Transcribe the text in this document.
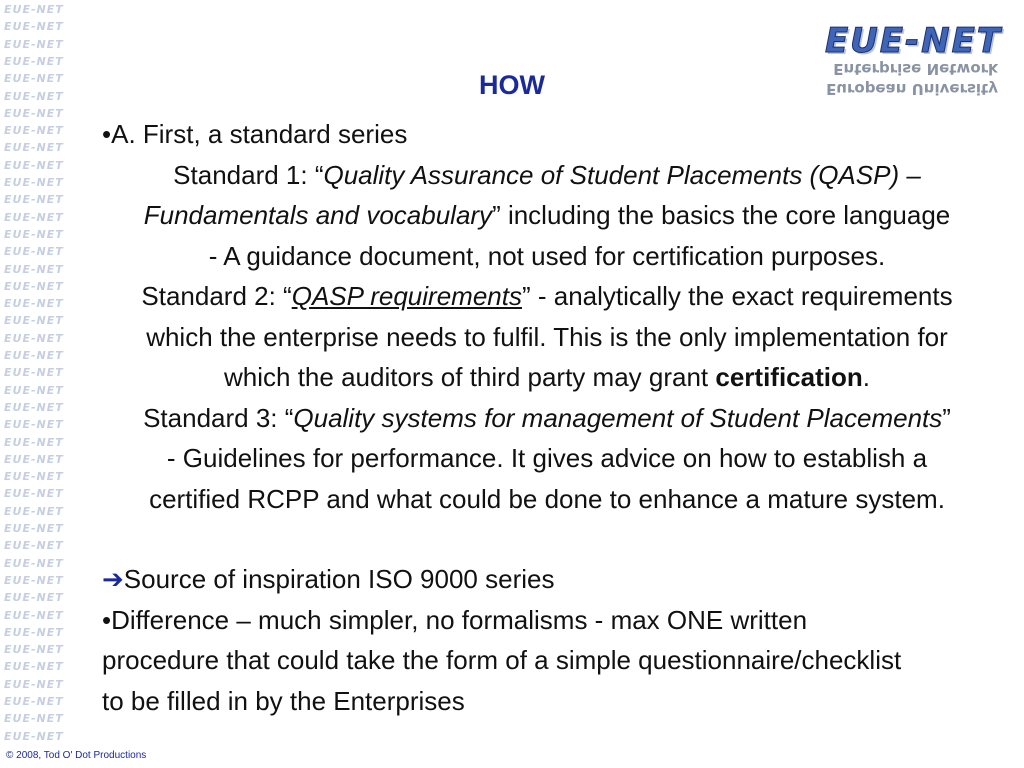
EUE-NET
EUE-NET
EUE-NET
EUE-NET
EUE-NET
EUE-NET
EUE-NET
EUE-NET
EUE-NET
EUE-NET
EUE-NET
EUE-NET
EUE-NET
EUE-NET
EUE-NET
EUE-NET
EUE-NET
EUE-NET
EUE-NET
EUE-NET
EUE-NET
EUE-NET
EUE-NET
EUE-NET
EUE-NET
EUE-NET
EUE-NET
EUE-NET
EUE-NET
EUE-NET
EUE-NET
EUE-NET
EUE-NET
EUE-NET
EUE-NET
EUE-NET
EUE-NET
EUE-NET
EUE-NET
EUE-NET
EUE-NET
EUE-NET
EUE-NET
EUE-NET
Enterprise Network
European University
HOW
•A. First, a standard series
Standard 1: “Quality Assurance of Student Placements (QASP) –
Fundamentals and vocabulary” including the basics the core language
- A guidance document, not used for certification purposes.
Standard 2: “QASP requirements” - analytically the exact requirements
which the enterprise needs to fulfil. This is the only implementation for
which the auditors of third party may grant certification.
Standard 3: “Quality systems for management of Student Placements”
- Guidelines for performance. It gives advice on how to establish a
certified RCPP and what could be done to enhance a mature system.
➔Source of inspiration ISO 9000 series
•Difference – much simpler, no formalisms - max ONE written
procedure that could take the form of a simple questionnaire/checklist
to be filled in by the Enterprises
© 2008, Tod O' Dot Productions
